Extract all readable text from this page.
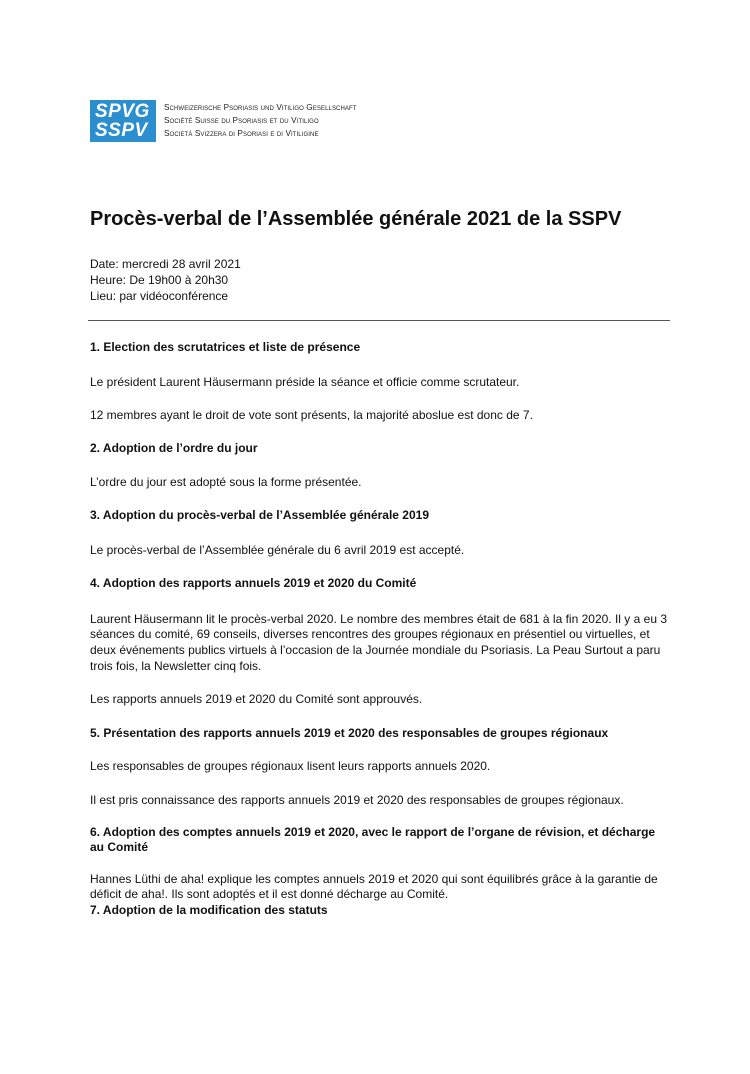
SPVG
SSPV
Schweizerische Psoriasis und Vitiligo Gesellschaft
Société Suisse du Psoriasis et du Vitiligo
Società Svizzera di Psoriasi e di Vitiligine
Procès-verbal de l’Assemblée générale 2021 de la SSPV
Date: mercredi 28 avril 2021
Heure: De 19h00 à 20h30
Lieu: par vidéoconférence
1. Election des scrutatrices et liste de présence

Le président Laurent Häusermann préside la séance et officie comme scrutateur.

12 membres ayant le droit de vote sont présents, la majorité aboslue est donc de 7.

2. Adoption de l’ordre du jour

L’ordre du jour est adopté sous la forme présentée.

3. Adoption du procès-verbal de l’Assemblée générale 2019

Le procès-verbal de l’Assemblée générale du 6 avril 2019 est accepté.

4. Adoption des rapports annuels 2019 et 2020 du Comité

Laurent Häusermann lit le procès-verbal 2020. Le nombre des membres était de 681 à la fin 2020. Il y a eu 3 séances du comité, 69 conseils, diverses rencontres des groupes régionaux en présentiel ou virtuelles, et deux événements publics virtuels à l’occasion de la Journée mondiale du Psoriasis. La Peau Surtout a paru trois fois, la Newsletter cinq fois.

Les rapports annuels 2019 et 2020 du Comité sont approuvés.

5. Présentation des rapports annuels 2019 et 2020 des responsables de groupes régionaux

Les responsables de groupes régionaux lisent leurs rapports annuels 2020.

Il est pris connaissance des rapports annuels 2019 et 2020 des responsables de groupes régionaux.

6. Adoption des comptes annuels 2019 et 2020, avec le rapport de l’organe de révision, et décharge au Comité

Hannes Lüthi de aha! explique les comptes annuels 2019 et 2020 qui sont équilibrés grâce à la garantie de déficit de aha!. Ils sont adoptés et il est donné décharge au Comité.

7. Adoption de la modification des statuts
